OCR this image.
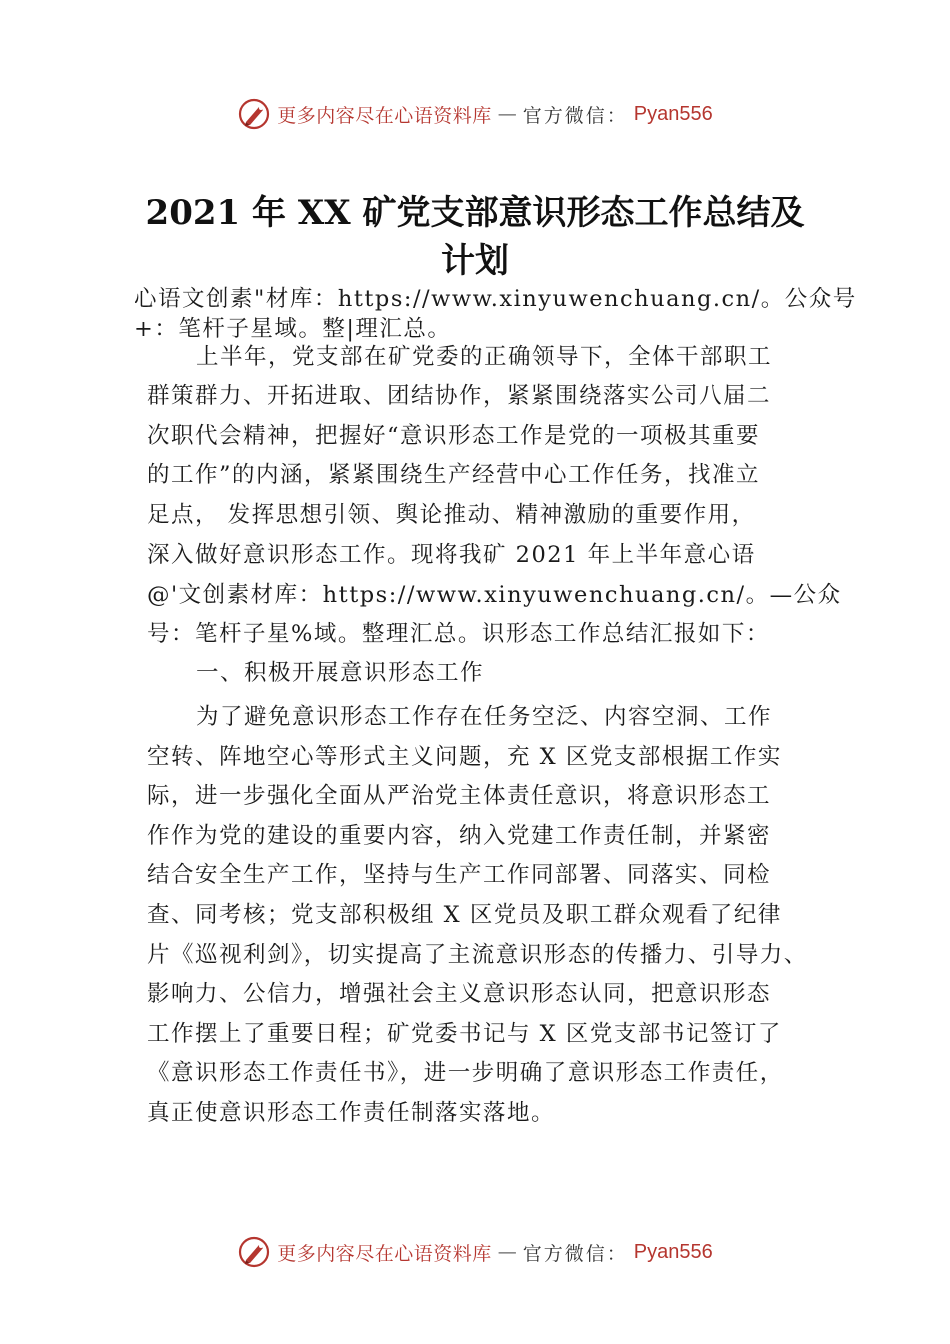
更多内容尽在心语资料库 — 官方微信： Pyan556
2021 年 XX 矿党支部意识形态工作总结及
计划
心语文创素"材库：https://www.xinyuwenchuang.cn/。公众号
+：笔杆子星域。整|理汇总。
上半年，党支部在矿党委的正确领导下，全体干部职工
群策群力、开拓进取、团结协作，紧紧围绕落实公司八届二
次职代会精神，把握好“意识形态工作是党的一项极其重要
的工作”的内涵，紧紧围绕生产经营中心工作任务，找准立
足点， 发挥思想引领、舆论推动、精神激励的重要作用，
深入做好意识形态工作。现将我矿 2021 年上半年意心语
@'文创素材库：https://www.xinyuwenchuang.cn/。—公众
号：笔杆子星%域。整理汇总。识形态工作总结汇报如下：
一、积极开展意识形态工作
为了避免意识形态工作存在任务空泛、内容空洞、工作
空转、阵地空心等形式主义问题，充 X 区党支部根据工作实
际，进一步强化全面从严治党主体责任意识，将意识形态工
作作为党的建设的重要内容，纳入党建工作责任制，并紧密
结合安全生产工作，坚持与生产工作同部署、同落实、同检
查、同考核；党支部积极组 X 区党员及职工群众观看了纪律
片《巡视利剑》，切实提高了主流意识形态的传播力、引导力、
影响力、公信力，增强社会主义意识形态认同，把意识形态
工作摆上了重要日程；矿党委书记与 X 区党支部书记签订了
《意识形态工作责任书》，进一步明确了意识形态工作责任，
真正使意识形态工作责任制落实落地。
更多内容尽在心语资料库 — 官方微信： Pyan556
